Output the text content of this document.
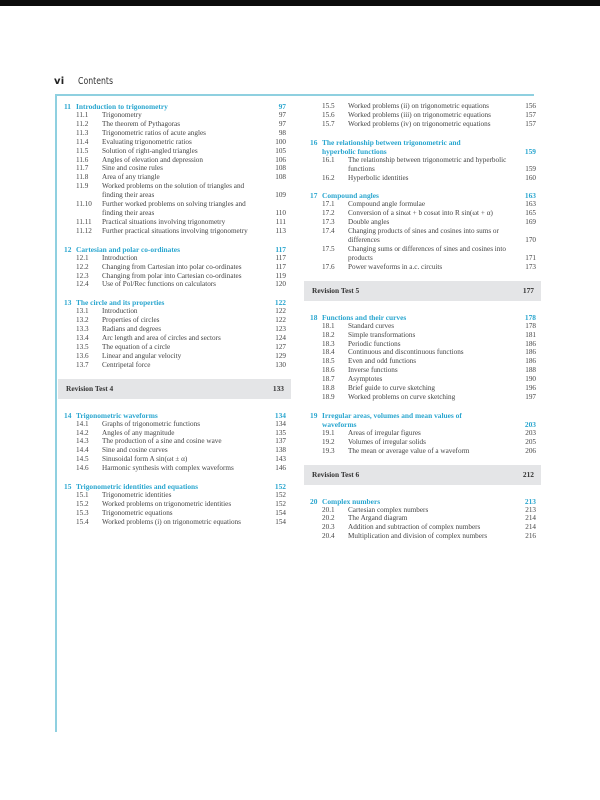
vi Contents
11 Introduction to trigonometry	97
11.1	Trigonometry	97
11.2	The theorem of Pythagoras	97
11.3	Trigonometric ratios of acute angles	98
11.4	Evaluating trigonometric ratios	100
11.5	Solution of right-angled triangles	105
11.6	Angles of elevation and depression	106
11.7	Sine and cosine rules	108
11.8	Area of any triangle	108
11.9	Worked problems on the solution of triangles and finding their areas	109
11.10	Further worked problems on solving triangles and finding their areas	110
11.11	Practical situations involving trigonometry	111
11.12	Further practical situations involving trigonometry	113
12 Cartesian and polar co-ordinates	117
12.1	Introduction	117
12.2	Changing from Cartesian into polar co-ordinates	117
12.3	Changing from polar into Cartesian co-ordinates	119
12.4	Use of Pol/Rec functions on calculators	120
13 The circle and its properties	122
13.1	Introduction	122
13.2	Properties of circles	122
13.3	Radians and degrees	123
13.4	Arc length and area of circles and sectors	124
13.5	The equation of a circle	127
13.6	Linear and angular velocity	129
13.7	Centripetal force	130
Revision Test 4	133
14 Trigonometric waveforms	134
14.1	Graphs of trigonometric functions	134
14.2	Angles of any magnitude	135
14.3	The production of a sine and cosine wave	137
14.4	Sine and cosine curves	138
14.5	Sinusoidal form A sin(ωt ± α)	143
14.6	Harmonic synthesis with complex waveforms	146
15 Trigonometric identities and equations	152
15.1	Trigonometric identities	152
15.2	Worked problems on trigonometric identities	152
15.3	Trigonometric equations	154
15.4	Worked problems (i) on trigonometric equations	154
15.5	Worked problems (ii) on trigonometric equations	156
15.6	Worked problems (iii) on trigonometric equations	157
15.7	Worked problems (iv) on trigonometric equations	157
16 The relationship between trigonometric and hyperbolic functions	159
16.1	The relationship between trigonometric and hyperbolic functions	159
16.2	Hyperbolic identities	160
17 Compound angles	163
17.1	Compound angle formulae	163
17.2	Conversion of a sinωt + b cosωt into R sin(ωt + α)	165
17.3	Double angles	169
17.4	Changing products of sines and cosines into sums or differences	170
17.5	Changing sums or differences of sines and cosines into products	171
17.6	Power waveforms in a.c. circuits	173
Revision Test 5	177
18 Functions and their curves	178
18.1	Standard curves	178
18.2	Simple transformations	181
18.3	Periodic functions	186
18.4	Continuous and discontinuous functions	186
18.5	Even and odd functions	186
18.6	Inverse functions	188
18.7	Asymptotes	190
18.8	Brief guide to curve sketching	196
18.9	Worked problems on curve sketching	197
19 Irregular areas, volumes and mean values of waveforms	203
19.1	Areas of irregular figures	203
19.2	Volumes of irregular solids	205
19.3	The mean or average value of a waveform	206
Revision Test 6	212
20 Complex numbers	213
20.1	Cartesian complex numbers	213
20.2	The Argand diagram	214
20.3	Addition and subtraction of complex numbers	214
20.4	Multiplication and division of complex numbers	216
